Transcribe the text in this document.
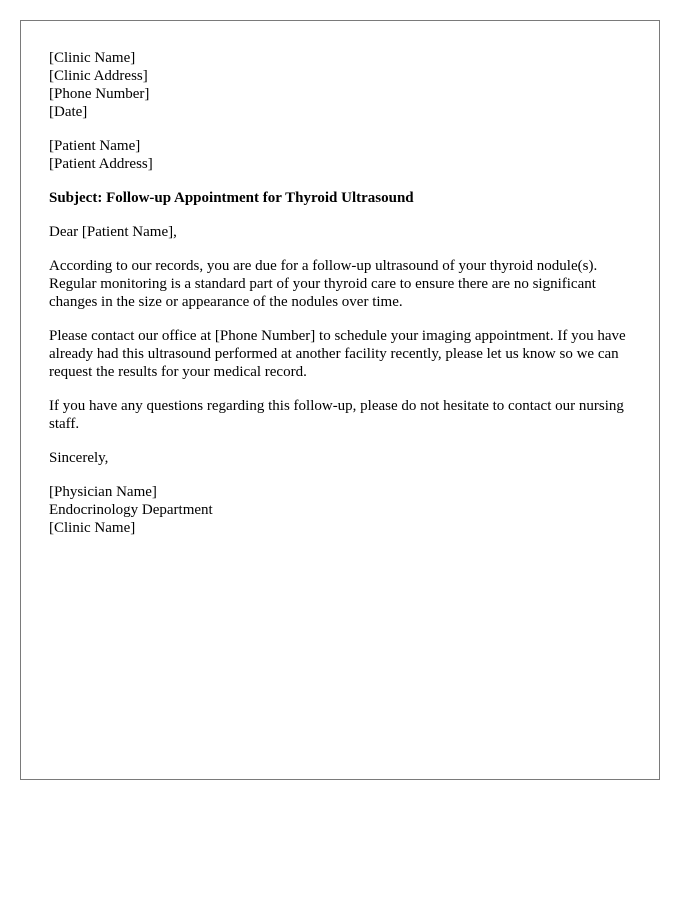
[Clinic Name]
[Clinic Address]
[Phone Number]
[Date]
[Patient Name]
[Patient Address]

Subject: Follow-up Appointment for Thyroid Ultrasound

Dear [Patient Name],

According to our records, you are due for a follow-up ultrasound of your thyroid nodule(s). Regular monitoring is a standard part of your thyroid care to ensure there are no significant changes in the size or appearance of the nodules over time.

Please contact our office at [Phone Number] to schedule your imaging appointment. If you have already had this ultrasound performed at another facility recently, please let us know so we can request the results for your medical record.

If you have any questions regarding this follow-up, please do not hesitate to contact our nursing staff.

Sincerely,

[Physician Name]
Endocrinology Department
[Clinic Name]
